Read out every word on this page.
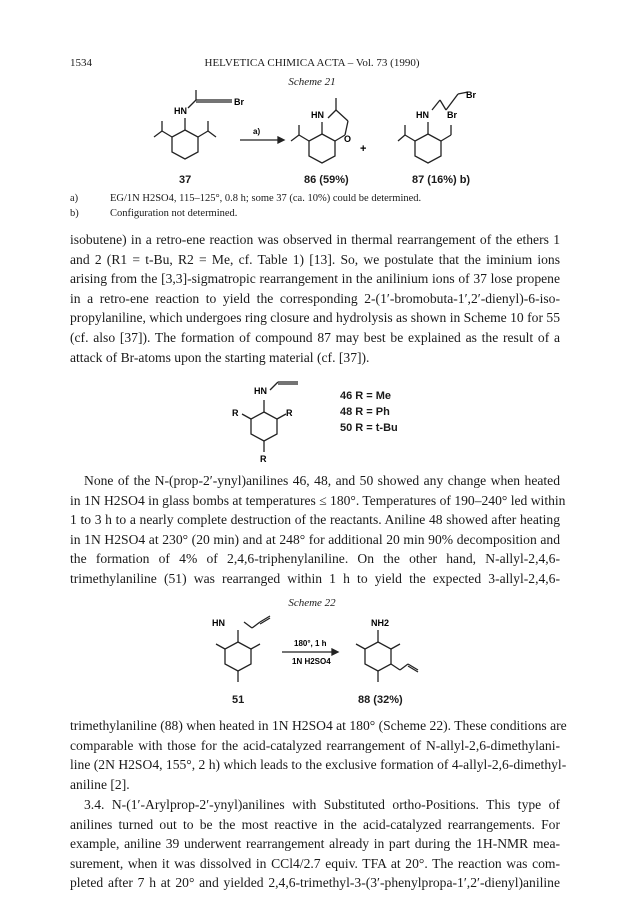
1534	HELVETICA CHIMICA ACTA – Vol. 73 (1990)
Scheme 21
HN
Br
a)
HN
O
+
HN
Br
Br
37	86 (59%)	87 (16%) b)
a)	EG/1N H2SO4, 115–125°, 0.8 h; some 37 (ca. 10%) could be determined.
b)	Configuration not determined.
isobutene) in a retro-ene reaction was observed in thermal rearrangement of the ethers 1
and 2 (R1 = t-Bu, R2 = Me, cf. Table 1) [13]. So, we postulate that the iminium ions
arising from the [3,3]-sigmatropic rearrangement in the anilinium ions of 37 lose propene
in a retro-ene reaction to yield the corresponding 2-(1′-bromobuta-1′,2′-dienyl)-6-iso-
propylaniline, which undergoes ring closure and hydrolysis as shown in Scheme 10 for 55
(cf. also [37]). The formation of compound 87 may best be explained as the result of a
attack of Br-atoms upon the starting material (cf. [37]).
HN
R	R
R
46 R = Me
48 R = Ph
50 R = t-Bu
None of the N-(prop-2′-ynyl)anilines 46, 48, and 50 showed any change when heated
in 1N H2SO4 in glass bombs at temperatures ≤ 180°. Temperatures of 190–240° led within
1 to 3 h to a nearly complete destruction of the reactants. Aniline 48 showed after heating
in 1N H2SO4 at 230° (20 min) and at 248° for additional 20 min 90% decomposition and
the formation of 4% of 2,4,6-triphenylaniline. On the other hand, N-allyl-2,4,6-
trimethylaniline (51) was rearranged within 1 h to yield the expected 3-allyl-2,4,6-
Scheme 22
HN	NH2
180°, 1 h
1N H2SO4
51	88 (32%)
trimethylaniline (88) when heated in 1N H2SO4 at 180° (Scheme 22). These conditions are
comparable with those for the acid-catalyzed rearrangement of N-allyl-2,6-dimethylani-
line (2N H2SO4, 155°, 2 h) which leads to the exclusive formation of 4-allyl-2,6-dimethyl-
aniline [2].
3.4. N-(1′-Arylprop-2′-ynyl)anilines with Substituted ortho-Positions. This type of
anilines turned out to be the most reactive in the acid-catalyzed rearrangements. For
example, aniline 39 underwent rearrangement already in part during the 1H-NMR mea-
surement, when it was dissolved in CCl4/2.7 equiv. TFA at 20°. The reaction was com-
pleted after 7 h at 20° and yielded 2,4,6-trimethyl-3-(3′-phenylpropa-1′,2′-dienyl)aniline
